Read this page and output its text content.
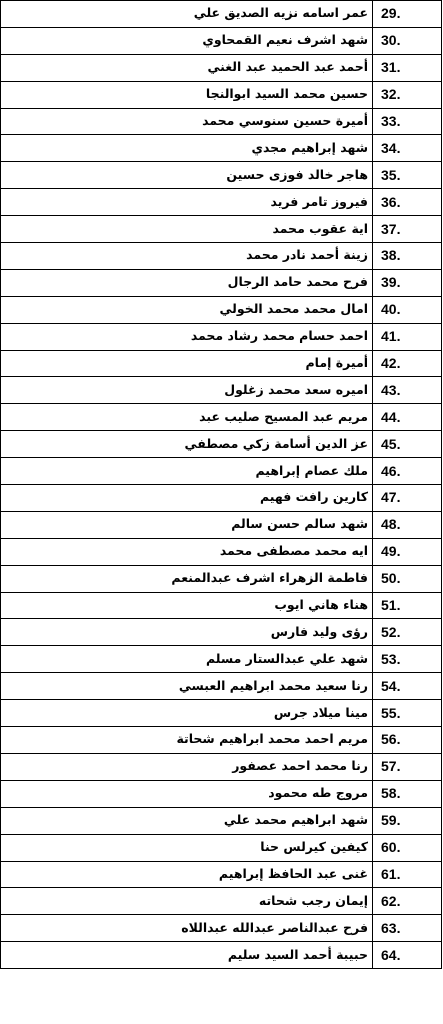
29.	عمر اسامه نزيه الصديق علي
30.	شهد اشرف نعيم القمحاوي
31.	أحمد عبد الحميد عبد الغني
32.	حسين محمد السيد ابوالنجا
33.	أميرة حسين سنوسي محمد
34.	شهد إبراهيم مجدي
35.	هاجر خالد فوزى حسين
36.	فيروز تامر فريد
37.	اية عقوب محمد
38.	زينة أحمد نادر محمد
39.	فرح محمد حامد الرجال
40.	امال محمد محمد الخولي
41.	احمد حسام محمد رشاد محمد
42.	أميرة إمام
43.	اميره سعد محمد زغلول
44.	مريم عبد المسيح صليب عبد
45.	عز الدين أسامة زكي مصطفي
46.	ملك عصام إبراهيم
47.	كارين رافت فهيم
48.	شهد سالم حسن سالم
49.	ايه محمد مصطفى محمد
50.	فاطمة الزهراء اشرف عبدالمنعم
51.	هناء هاني ايوب
52.	رؤى وليد فارس
53.	شهد علي عبدالستار مسلم
54.	رنا سعيد محمد ابراهيم العبسي
55.	مينا ميلاد جرس
56.	مريم احمد محمد ابراهيم شحاتة
57.	رنا محمد احمد عصفور
58.	مروج طه محمود
59.	شهد ابراهيم محمد علي
60.	كيفين كيرلس حنا
61.	غنى عبد الحافظ إبراهيم
62.	إيمان رجب شحاته
63.	فرح عبدالناصر عبدالله عبداللاه
64.	حبيبة أحمد السيد سليم
